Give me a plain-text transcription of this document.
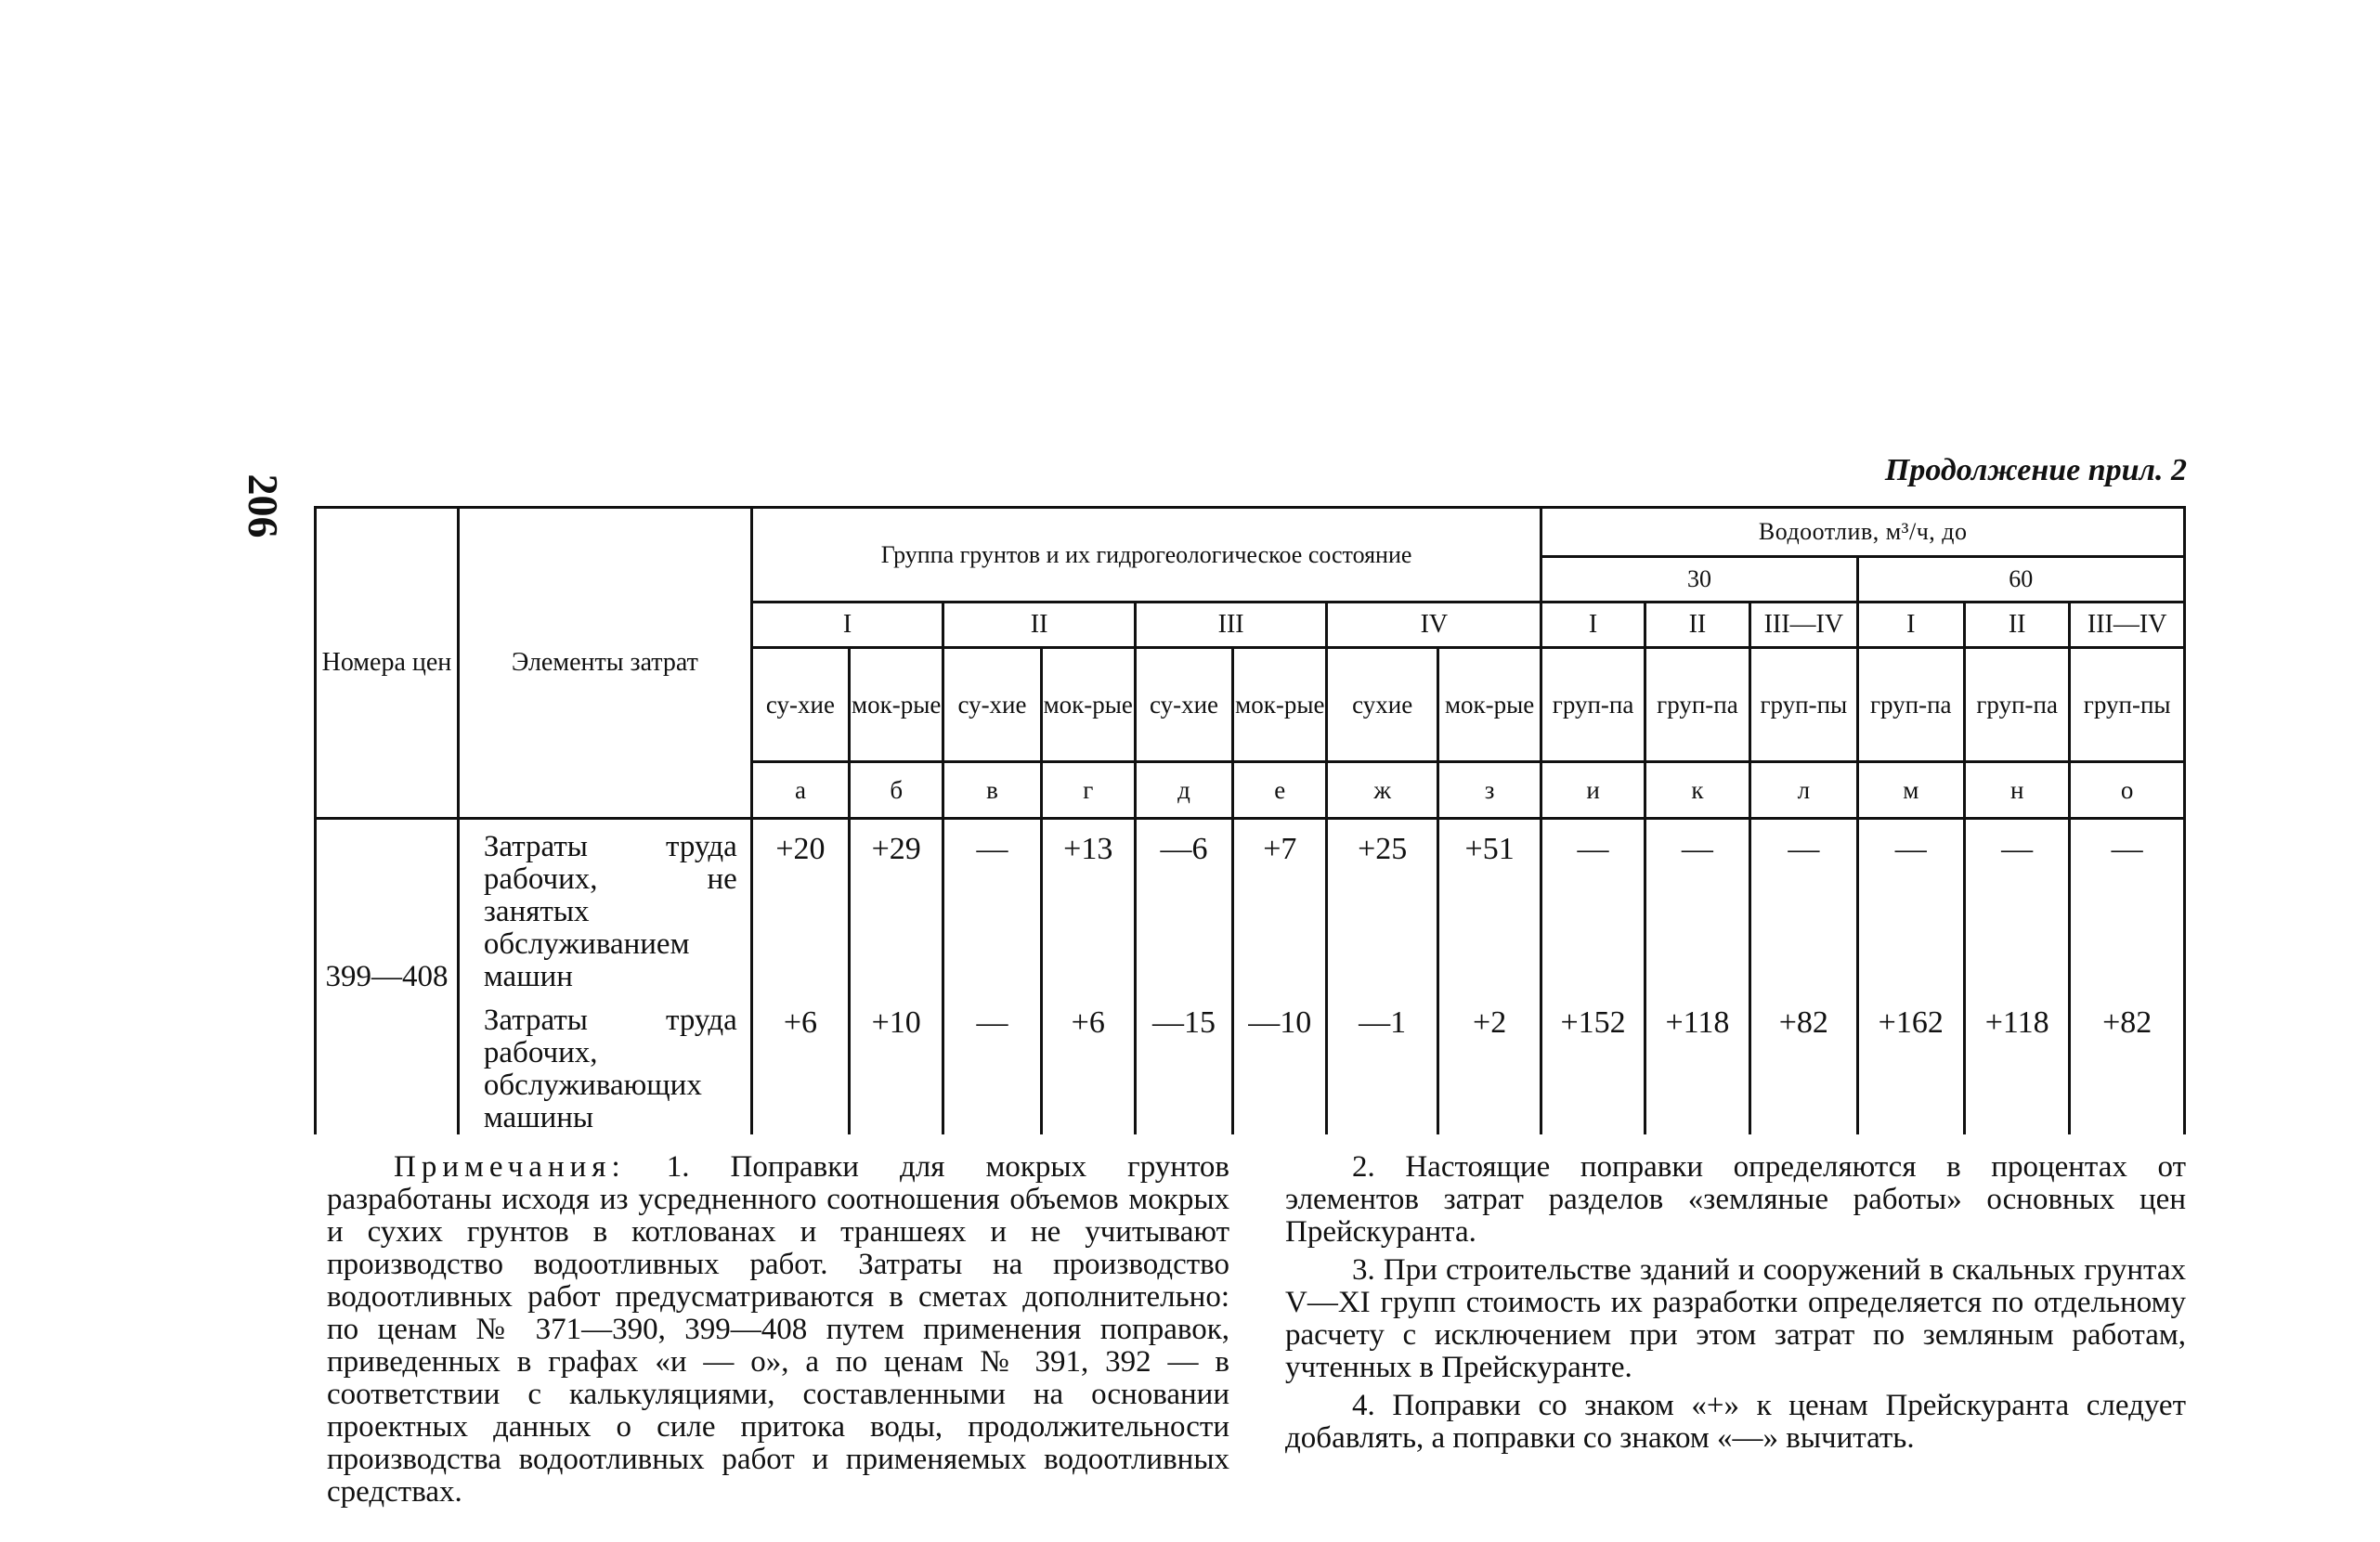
206
Продолжение прил. 2
Номера цен	Элементы затрат	Группа грунтов и их гидрогеологическое состояние								Водоотлив, м³/ч, до					
										30			60		
		I		II		III		IV		I	II	III—IV	I	II	III—IV
		су-хие	мок-рые	су-хие	мок-рые	су-хие	мок-рые	сухие	мок-рые	груп-па	груп-па	груп-пы	груп-па	груп-па	груп-пы
		а	б	в	г	д	е	ж	з	и	к	л	м	н	о
399—408	Затраты труда рабочих, не занятых обслуживанием машин	+20	+29	—	+13	—6	+7	+25	+51	—	—	—	—	—	—
	Затраты труда рабочих, обслуживающих машины	+6	+10	—	+6	—15	—10	—1	+2	+152	+118	+82	+162	+118	+82
Примечания: 1. Поправки для мокрых грунтов разработаны исходя из усредненного соотношения объемов мокрых и сухих грунтов в котлованах и траншеях и не учитывают производство водоотливных работ. Затраты на производство водоотливных работ предусматриваются в сметах дополнительно: по ценам № 371—390, 399—408 путем применения поправок, приведенных в графах «и — о», а по ценам № 391, 392 — в соответствии с калькуляциями, составленными на основании проектных данных о силе притока воды, продолжительности производства водоотливных работ и применяемых водоотливных средствах.

2. Настоящие поправки определяются в процентах от элементов затрат разделов «земляные работы» основных цен Прейскуранта.

3. При строительстве зданий и сооружений в скальных грунтах V—XI групп стоимость их разработки определяется по отдельному расчету с исключением при этом затрат по земляным работам, учтенных в Прейскуранте.

4. Поправки со знаком «+» к ценам Прейскуранта следует добавлять, а поправки со знаком «—» вычитать.
